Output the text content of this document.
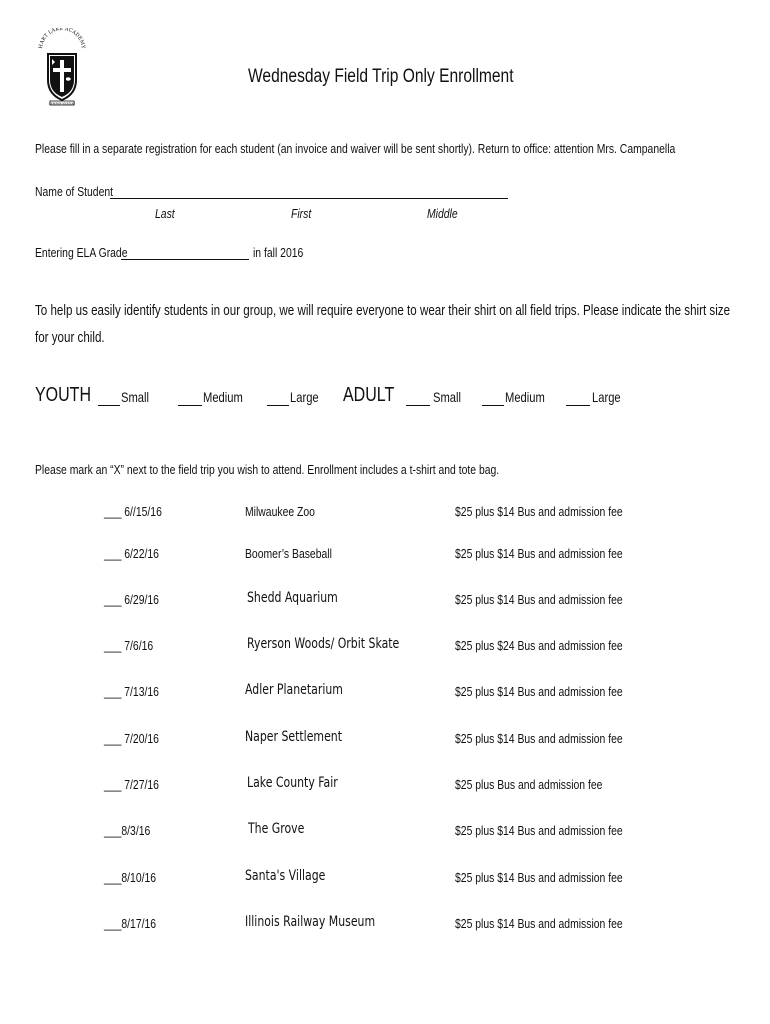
HART LAKE ACADEMY
SEMPER VERITAS
Wednesday Field Trip Only Enrollment
Please fill in a separate registration for each student (an invoice and waiver will be sent shortly). Return to office: attention Mrs. Campanella
Name of Student
Last	First	Middle
Entering ELA Grade	in fall 2016
To help us easily identify students in our group, we will require everyone to wear their shirt on all field trips. Please indicate the shirt size for your child.
YOUTH Small	Medium	Large ADULT	Small	Medium	Large
Please mark an “X” next to the field trip you wish to attend. Enrollment includes a t-shirt and tote bag.
___ 6//15/16	Milwaukee Zoo	$25 plus $14 Bus and admission fee
___ 6/22/16	Boomer’s Baseball	$25 plus $14 Bus and admission fee
___ 6/29/16	Shedd Aquarium	$25 plus $14 Bus and admission fee
___ 7/6/16	Ryerson Woods/ Orbit Skate	$25 plus $24 Bus and admission fee
___ 7/13/16	Adler Planetarium	$25 plus $14 Bus and admission fee
___ 7/20/16	Naper Settlement	$25 plus $14 Bus and admission fee
___ 7/27/16	Lake County Fair	$25 plus Bus and admission fee
___8/3/16	The Grove	$25 plus $14 Bus and admission fee
___8/10/16	Santa's Village	$25 plus $14 Bus and admission fee
___8/17/16	Illinois Railway Museum	$25 plus $14 Bus and admission fee
